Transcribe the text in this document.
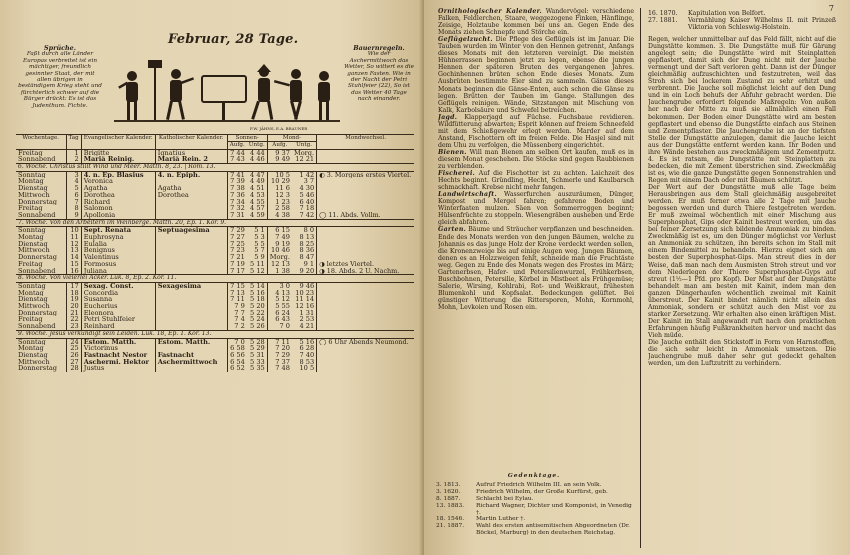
Februar, 28 Tage.
Sprüche.
Faßt durch alle Länder Europas verbreitet ist ein mächtiger, freundlich gesinnter Staat, der mit allen übrigen in beständigem Krieg steht und fürchterlich schwer auf die Bürger drückt: Es ist das Judenthum. Fichte.
Bauernregeln.
Wie der Aschermittwoch das Wetter, So wittert es die ganzen Fasten. Wie in der Nacht der Petri Stuhlfeier (22), So ist das Wetter 40 Tage nach einander.
F.W. JÄHNS, E.A. BRAUNER
Wochentage.	Tag	Evangelischer Kalender.	Katholischer Kalender.	Sonnen-		Mond-		Mondwechsel.
				Aufg.	Untg.	Aufg.	Untg.	
Freitag	1	Brigitte	Ignatius	7 44	4 44	9 37	Morg.	
Sonnabend	2	Mariä Reinig.	Mariä Rein. 2	7 43	4 46	9 49	12 21	
6. Woche. Christus stillt Wind und Meer. Matth. 8, 23. | Röm. 13.								
Sonntag	3	4. n. Ep. Blasius	4. n. Epiph.	7 41	4 47	10 5	1 42	◐ 3. Morgens erstes Viertel.
Montag	4	Veronica		7 39	4 49	10 29	3 7	
Dienstag	5	Agatha	Agatha	7 38	4 51	11 6	4 30	
Mittwoch	6	Dorothea	Dorothea	7 36	4 53	12 3	5 46	
Donnerstag	7	Richard		7 34	4 55	1 23	6 40	
Freitag	8	Salomon		7 32	4 57	2 58	7 18	
Sonnabend	9	Apollonia		7 31	4 59	4 38	7 42	◯ 11. Abds. Vollm.
7. Woche. Von den Arbeitern im Weinberge. Matth. 20, Ep. 1. Kor. 9.								
Sonntag	10	Sept. Renata	Septuagesima	7 29	5 1	6 15	8 0	
Montag	11	Euphrosyna		7 27	5 3	7 49	8 13	
Dienstag	12	Eulalia		7 25	5 5	9 19	8 25	
Mittwoch	13	Benignus		7 23	5 7	10 46	8 36	
Donnerstag	14	Valentinus		7 21	5 9	Morg.	8 47	
Freitag	15	Formosus		7 19	5 11	12 13	9 1	◑ letztes Viertel.
Sonnabend	16	Juliana		7 17	5 12	1 38	9 20	◑ 18. Abds. 2 U. Nachm.
8. Woche. Von vielerlei Acker. Luk. 8, Ep. 2. Kor. 11.								
Sonntag	17	Sexag. Const.	Sexagesima	7 15	5 14	3 0	9 46	
Montag	18	Concordia		7 13	5 16	4 13	10 23	
Dienstag	19	Susanna		7 11	5 18	5 12	11 14	
Mittwoch	20	Eucherius		7 9	5 20	5 55	12 16	
Donnerstag	21	Eleonora		7 7	5 22	6 24	1 31	
Freitag	22	Petri Stuhlfeier		7 4	5 24	6 43	2 53	
Sonnabend	23	Reinhard		7 2	5 26	7 0	4 21	
9. Woche. Jesus verkündigt sein Leiden. Luk. 18, Ep. 1. Kor. 13.								
Sonntag	24	Estom. Matth.	Estom. Matth.	7 0	5 28	7 11	5 16	◯ 6 Uhr Abends Neumond.
Montag	25	Victorinus		6 58	5 29	7 20	6 28	
Dienstag	26	Fastnacht Nestor	Fastnacht	6 56	5 31	7 29	7 40	
Mittwoch	27	Aschermi. Hektor	Aschermittwoch	6 54	5 33	7 37	8 53	
Donnerstag	28	Justus		6 52	5 35	7 48	10 5	
7

Ornithologischer Kalender. Wandervögel: verschiedene Falken, Feldlerchen, Staare, weggezogene Finken, Hänflinge, Zeisige, Holztaube kommen bei uns an. Gegen Ende des Monats ziehen Schnepfe und Störche ein.

Geflügelzucht. Die Pflege des Geflügels ist im Januar. Die Tauben wurden im Winter von den Hennen getrennt, Anfangs dieses Monats mit den letzteren vereinigt. Die meisten Hühnerrassen beginnen jetzt zu legen, ebenso die jungen Hennen der späteren Bruten des vergangenen Jahres. Gochinhennen brüten schon Ende dieses Monats. Zum Ausbrüten bestimmte Eier sind zu sammeln. Gänse dieses Monats beginnen die Gänse-Enten, auch schon die Gänse zu legen. Brütten der Tauben im Gange. Stallungen des Geflügels reinigen. Wände, Sitzstangen mit Mischung von Kalk, Karbolsäure und Schwefel betreichen.

Jagd. Klapperjagd auf Füchse. Fuchsbaue revidieren. Wildfütterung abwarten; Esprit können auf freiem Schneefeld mit dem Schießgewehr erlegt werden. Marder auf dem Anstand, Fischottern oft im freien Felde. Die Hasjel sind mit dem Uhu zu verfolgen, die Müssenberg eingerichtet.

Bienen. Will man Bienen am selben Ort kaufen, muß es in diesem Monat geschehen. Die Stöcke sind gegen Raubbienen zu verblenden.

Fischerei. Auf die Fischotter ist zu achten. Laichzeit des Hechts beginnt. Gründling, Hecht, Schmerle und Kaulbarsch schmackhaft. Krebse nicht mehr fangen.

Landwirtschaft. Wasserfurchen auszuräumen, Dünger, Kompost und Mergel fahren; gefahrene Boden und Winterfaaten mulzen. Säen von Sommerroggen beginnt; Hülsenfrüchte zu stoppeln. Wiesengräben ausheben und Erde gleich abfahren.

Garten. Bäume und Sträucher verpflanzen und beschneiden. Ende des Monats werden von den jungen Bäumen, welche zu Johannis es das junge Holz der Krone verdeckt werden sollen, die Kronenzweige bis auf einige Augen weg. Jungen Bäumen, denen es an Holzzweigen fehlt, schneide man die Fruchtäste weg. Gegen zu Ende des Monats wegen des Frostes im März; Gartenerbsen, Hafer- und Petersilienwurzel, Frühkerbsen, Buschbohnen, Petersilie, Körbel in Mistbeet als Frühgemüse; Salerie, Wirsing, Kohlrabi, Rot- und Weißkraut, frühesten Blumenkohl und Kopfsalat. Bedeckungen gelüftet. Bei günstiger Witterung die Rittersporen, Mohn, Kornmohl, Mohn, Levkoien und Rosen ein.

Gedenktage.
3. 1813.	Aufruf Friedrich Wilhelm III. an sein Volk.
3. 1620.	Friedrich Wilhelm, der Große Kurfürst, geb.
8. 1887.	Schlacht bei Eylau.
13. 1883.	Richard Wagner, Dichter und Komponist, in Venedig †.
18. 1546.	Martin Luther †.
21. 1887.	Wahl des ersten antisemitischen Abgeordneten (Dr. Böckel, Marburg) in den deutschen Reichstag.
16. 1870.	Kapitulation von Belfort.
27. 1881.	Vermählung Kaiser Wilhelms II. mit Prinzeß Viktoria von Schleswig-Holstein.

Regen, welcher unmittelbar auf das Feld fällt, nicht auf die Dungstätte kommen. 3. Die Dungstätte muß für Gärung angelegt sein; die Dungstätte wird mit Steinplatten gepflastert, damit sich der Dung nicht mit der Jauche vermengt und der Saft verloren geht. Dann ist der Dünger gleichmäßig aufzuschichten und festzutreten, weil das Stroh sich bei lockerem Zustand zu sehr erhitzt und verbrennt. Die Jauche soll möglichst leicht auf den Dung und in ein Loch behufs der Abfuhr gebracht werden. Die Jauchengrube erfordert folgende Maßregeln: Von außen her nach der Mitte zu muß sie allmählich einen Fall bekommen. Der Boden einer Dungstätte wird am besten gepflastert und ebenso die Dungstätte einfach aus Steinen und Zementpflaster. Die Jauchengrube ist an der tiefsten Stelle der Dungstätte anzulegen, damit die Jauche leicht aus der Dungstätte entfernt werden kann. Ihr Boden und ihre Wände bestehen aus zweckmäßigem und Zementputz. 4. Es ist ratsam, die Dungstätte mit Steinplatten zu bedecken, die mit Zement überstrichen sind. Zweckmäßig ist es, wie die ganze Dungstätte gegen Sonnenstrahlen und Regen mit einem Dach oder mit Bäumen schützt.

Der Wert auf der Dungstätte muß alle Tage beim Herausbringen aus dem Stall gleichmäßig ausgebreitet werden. Er muß ferner etwa alle 2 Tage mit Jauche begossen werden und durch Thiere festgetreten werden. Er muß zweimal wöchentlich mit einer Mischung aus Superphosphat, Gips oder Kainit bestreut werden, um das bei feiner Zersetzung sich bildende Ammoniak zu binden. Zweckmäßig ist es, um den Dünger möglichst vor Verlust an Ammoniak zu schützen, ihn bereits schon im Stall mit einem Bindemittel zu behandeln. Hierzu eignet sich am besten der Superphosphat-Gips. Man streut dies in der Weise, daß man nach dem Ausmisten Stroh streut und vor dem Niederlegen der Thiere Superphosphat-Gyps auf streut (1½—1 Pfd. pro Kopf). Der Mist auf der Dungstätte behandelt man am besten mit Kainit, indem man den ganzen Düngerhaufen wöchentlich zweimal mit Kainit überstreut. Der Kainit bindet nämlich nicht allein das Ammoniak, sondern er schützt auch den Mist vor zu starker Zersetzung. Wir erhalten also einen kräftigen Mist. Der Kainit im Stall angewandt ruft nach den praktischen Erfahrungen häufig Fußkrankheiten hervor und macht das Vieh müde.

Die Jauche enthält den Stickstoff in Form von Harnstoffen, die sich sehr leicht in Ammoniak umsetzen. Die Jauchengrube muß daher sehr gut gedeckt gehalten werden, um den Luftzutritt zu verhindern.
